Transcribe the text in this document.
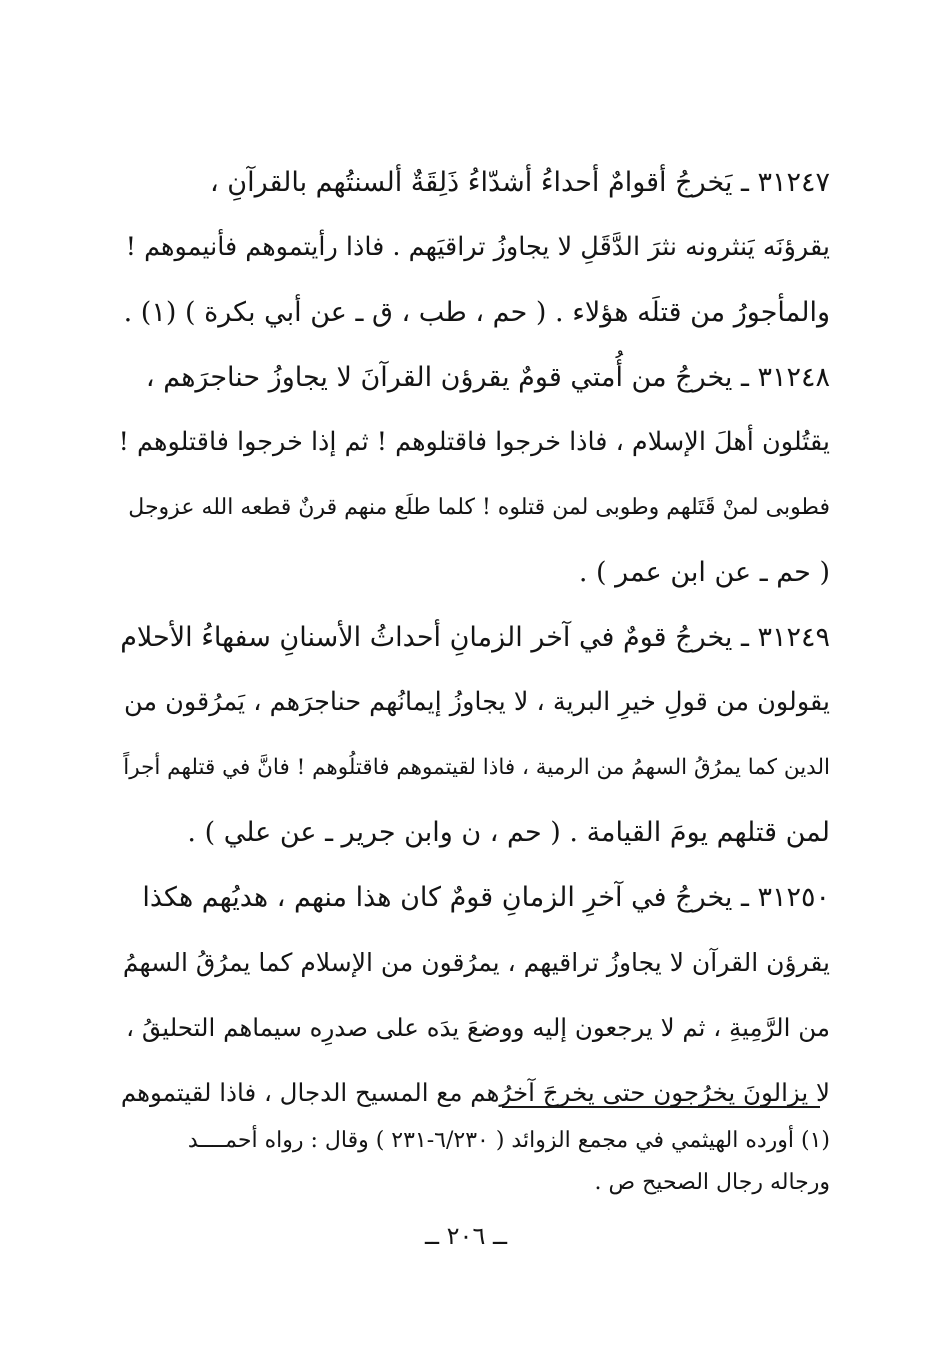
٣١٢٤٧ ـ يَخرجُ أقوامٌ أحداءُ أشدّاءُ ذَلِقَةٌ ألسنتُهم بالقرآنِ ،
يقرؤنَه يَنثرونه نثرَ الدَّقَلِ لا يجاوزُ تراقيَهم . فاذا رأيتموهم فأنيموهم !
والمأجورُ من قتلَه هؤلاء . ( حم ، طب ، ق ـ عن أبي بكرة ) (١) .
٣١٢٤٨ ـ يخرجُ من أُمتي قومٌ يقرؤن القرآنَ لا يجاوزُ حناجرَهم ،
يقتُلون أهلَ الإسلام ، فاذا خرجوا فاقتلوهم ! ثم إذا خرجوا فاقتلوهم !
فطوبى لمنْ قَتَلهم وطوبى لمن قتلوه ! كلما طلَع منهم قرنٌ قطعه الله عزوجل
( حم ـ عن ابن عمر ) .
٣١٢٤٩ ـ يخرجُ قومٌ في آخر الزمانِ أحداثُ الأسنانِ سفهاءُ الأحلام
يقولون من قولِ خيرِ البرية ، لا يجاوزُ إيمانُهم حناجرَهم ، يَمرُقون من
الدين كما يمرُقُ السهمُ من الرمية ، فاذا لقيتموهم فاقتلُوهم ! فانَّ في قتلهم أجراً
لمن قتلهم يومَ القيامة . ( حم ، ن وابن جرير ـ عن علي ) .
٣١٢٥٠ ـ يخرجُ في آخرِ الزمانِ قومٌ كان هذا منهم ، هديُهم هكذا
يقرؤن القرآن لا يجاوزُ تراقيهم ، يمرُقون من الإسلام كما يمرُقُ السهمُ
من الرَّمِيةِ ، ثم لا يرجعون إليه ووضعَ يدَه على صدرِه سيماهم التحليقُ ،
لا يزالونَ يخرُجون حتى يخرجَ آخرُهم مع المسيح الدجال ، فاذا لقيتموهم
(١) أورده الهيثمي في مجمع الزوائد ( ٦/٢٣٠-٢٣١ ) وقال : رواه أحمــــد
ورجاله رجال الصحيح ص .
ــ ٢٠٦ ــ
